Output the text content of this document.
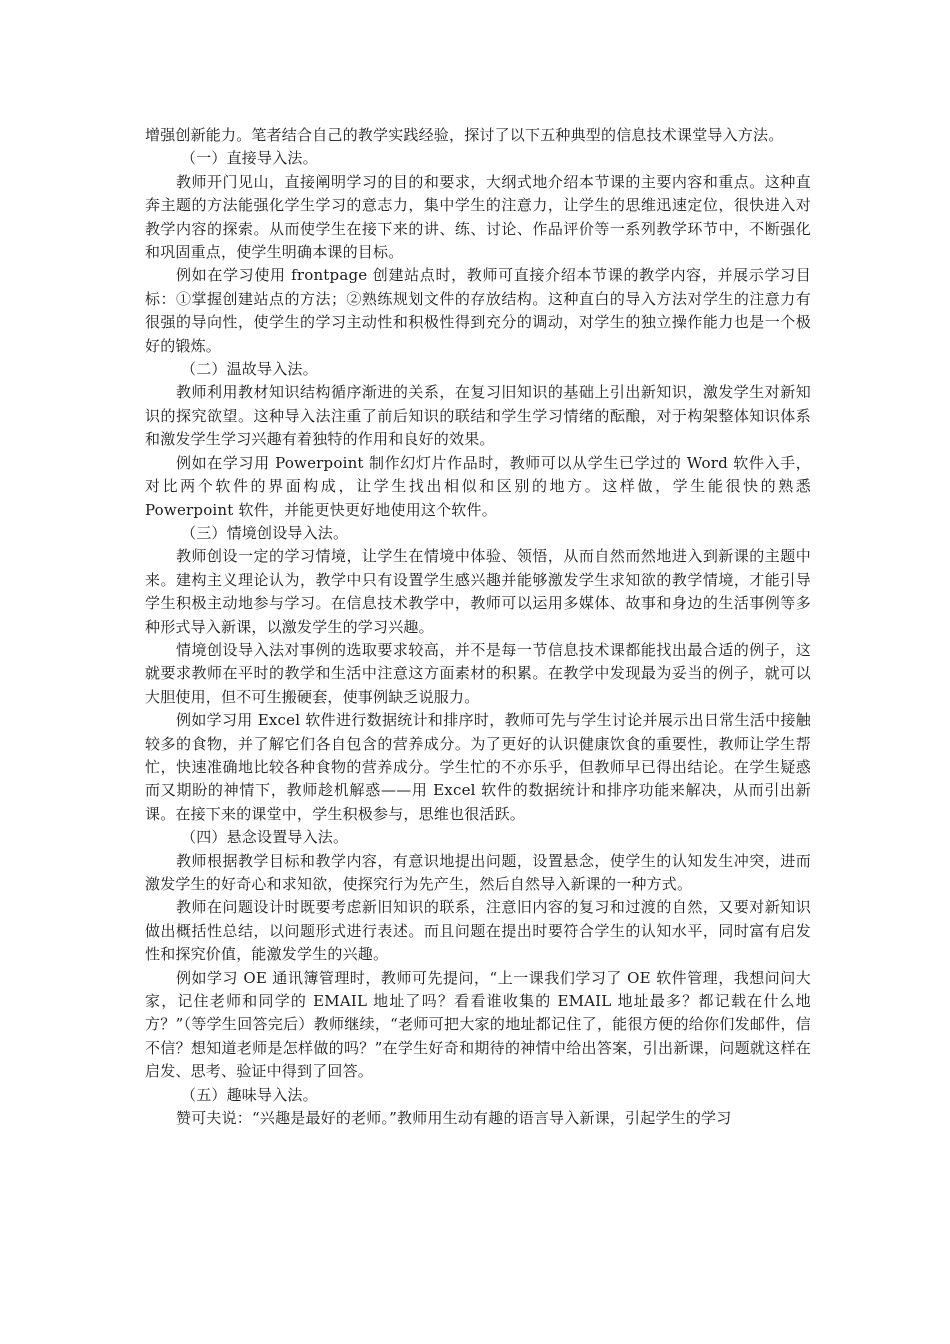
增强创新能力。笔者结合自己的教学实践经验，探讨了以下五种典型的信息技术课堂导入方法。

（一）直接导入法。

教师开门见山，直接阐明学习的目的和要求，大纲式地介绍本节课的主要内容和重点。这种直奔主题的方法能强化学生学习的意志力，集中学生的注意力，让学生的思维迅速定位，很快进入对教学内容的探索。从而使学生在接下来的讲、练、讨论、作品评价等一系列教学环节中，不断强化和巩固重点，使学生明确本课的目标。

例如在学习使用 frontpage 创建站点时，教师可直接介绍本节课的教学内容，并展示学习目标：①掌握创建站点的方法；②熟练规划文件的存放结构。这种直白的导入方法对学生的注意力有很强的导向性，使学生的学习主动性和积极性得到充分的调动，对学生的独立操作能力也是一个极好的锻炼。

（二）温故导入法。

教师利用教材知识结构循序渐进的关系，在复习旧知识的基础上引出新知识，激发学生对新知识的探究欲望。这种导入法注重了前后知识的联结和学生学习情绪的酝酿，对于构架整体知识体系和激发学生学习兴趣有着独特的作用和良好的效果。

例如在学习用 Powerpoint 制作幻灯片作品时，教师可以从学生已学过的 Word 软件入手，对比两个软件的界面构成，让学生找出相似和区别的地方。这样做，学生能很快的熟悉 Powerpoint 软件，并能更快更好地使用这个软件。

（三）情境创设导入法。

教师创设一定的学习情境，让学生在情境中体验、领悟，从而自然而然地进入到新课的主题中来。建构主义理论认为，教学中只有设置学生感兴趣并能够激发学生求知欲的教学情境，才能引导学生积极主动地参与学习。在信息技术教学中，教师可以运用多媒体、故事和身边的生活事例等多种形式导入新课，以激发学生的学习兴趣。

情境创设导入法对事例的选取要求较高，并不是每一节信息技术课都能找出最合适的例子，这就要求教师在平时的教学和生活中注意这方面素材的积累。在教学中发现最为妥当的例子，就可以大胆使用，但不可生搬硬套，使事例缺乏说服力。

例如学习用 Excel 软件进行数据统计和排序时，教师可先与学生讨论并展示出日常生活中接触较多的食物，并了解它们各自包含的营养成分。为了更好的认识健康饮食的重要性，教师让学生帮忙，快速准确地比较各种食物的营养成分。学生忙的不亦乐乎，但教师早已得出结论。在学生疑惑而又期盼的神情下，教师趁机解惑——用 Excel 软件的数据统计和排序功能来解决，从而引出新课。在接下来的课堂中，学生积极参与，思维也很活跃。

（四）悬念设置导入法。

教师根据教学目标和教学内容，有意识地提出问题，设置悬念，使学生的认知发生冲突，进而激发学生的好奇心和求知欲，使探究行为先产生，然后自然导入新课的一种方式。

教师在问题设计时既要考虑新旧知识的联系，注意旧内容的复习和过渡的自然，又要对新知识做出概括性总结，以问题形式进行表述。而且问题在提出时要符合学生的认知水平，同时富有启发性和探究价值，能激发学生的兴趣。

例如学习 OE 通讯簿管理时，教师可先提问，“上一课我们学习了 OE 软件管理，我想问问大家，记住老师和同学的 EMAIL 地址了吗？看看谁收集的 EMAIL 地址最多？都记载在什么地方？”（等学生回答完后）教师继续，“老师可把大家的地址都记住了，能很方便的给你们发邮件，信不信？想知道老师是怎样做的吗？”在学生好奇和期待的神情中给出答案，引出新课，问题就这样在启发、思考、验证中得到了回答。

（五）趣味导入法。

赞可夫说：“兴趣是最好的老师。”教师用生动有趣的语言导入新课，引起学生的学习
